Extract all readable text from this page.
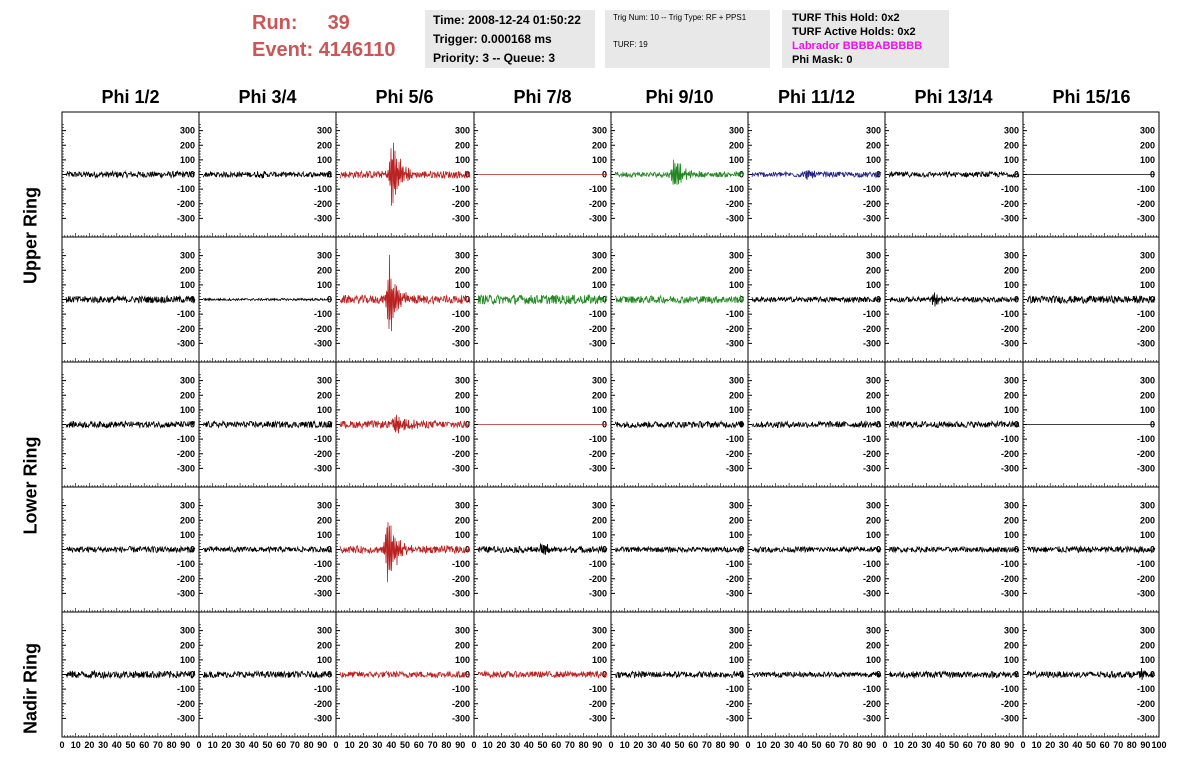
Run: 39
Event: 4146110
Time: 2008-12-24 01:50:22
Trigger: 0.000168 ms
Priority: 3 -- Queue: 3
Trig Num: 10 -- Trig Type: RF + PPS1
TURF: 19
TURF This Hold: 0x2
TURF Active Holds: 0x2
Labrador BBBBABBBBB
Phi Mask: 0
Phi 1/2	Phi 3/4	Phi 5/6	Phi 7/8	Phi 9/10	Phi 11/12	Phi 13/14	Phi 15/16
Upper Ring
Lower Ring
Nadir Ring
-300
-200
-100
0
100
200
300
-300
-200
-100
0
100
200
300
-300
-200
-100
0
100
200
300
-300
-200
-100
0
100
200
300
-300
-200
-100
0
100
200
300
-300
-200
-100
0
100
200
300
-300
-200
-100
0
100
200
300
-300
-200
-100
0
100
200
300
-300
-200
-100
0
100
200
300
-300
-200
-100
0
100
200
300
-300
-200
-100
0
100
200
300
-300
-200
-100
0
100
200
300
-300
-200
-100
0
100
200
300
-300
-200
-100
0
100
200
300
-300
-200
-100
0
100
200
300
-300
-200
-100
0
100
200
300
-300
-200
-100
0
100
200
300
-300
-200
-100
0
100
200
300
-300
-200
-100
0
100
200
300
-300
-200
-100
0
100
200
300
-300
-200
-100
0
100
200
300
-300
-200
-100
0
100
200
300
-300
-200
-100
0
100
200
300
-300
-200
-100
0
100
200
300
-300
-200
-100
0
100
200
300
-300
-200
-100
0
100
200
300
-300
-200
-100
0
100
200
300
-300
-200
-100
0
100
200
300
-300
-200
-100
0
100
200
300
-300
-200
-100
0
100
200
300
-300
-200
-100
0
100
200
300
-300
-200
-100
0
100
200
300
-300
-200
-100
0
100
200
300
-300
-200
-100
0
100
200
300
-300
-200
-100
0
100
200
300
-300
-200
-100
0
100
200
300
-300
-200
-100
0
100
200
300
-300
-200
-100
0
100
200
300
-300
-200
-100
0
100
200
300
-300
-200
-100
0
100
200
300
0 10 20 30 40 50 60 70 80 90 0 10 20 30 40 50 60 70 80 90 0 10 20 30 40 50 60 70 80 90 0 10 20 30 40 50 60 70 80 90 0 10 20 30 40 50 60 70 80 90 0 10 20 30 40 50 60 70 80 90 0 10 20 30 40 50 60 70 80 90 0 10 20 30 40 50 60 70 80 90 100
